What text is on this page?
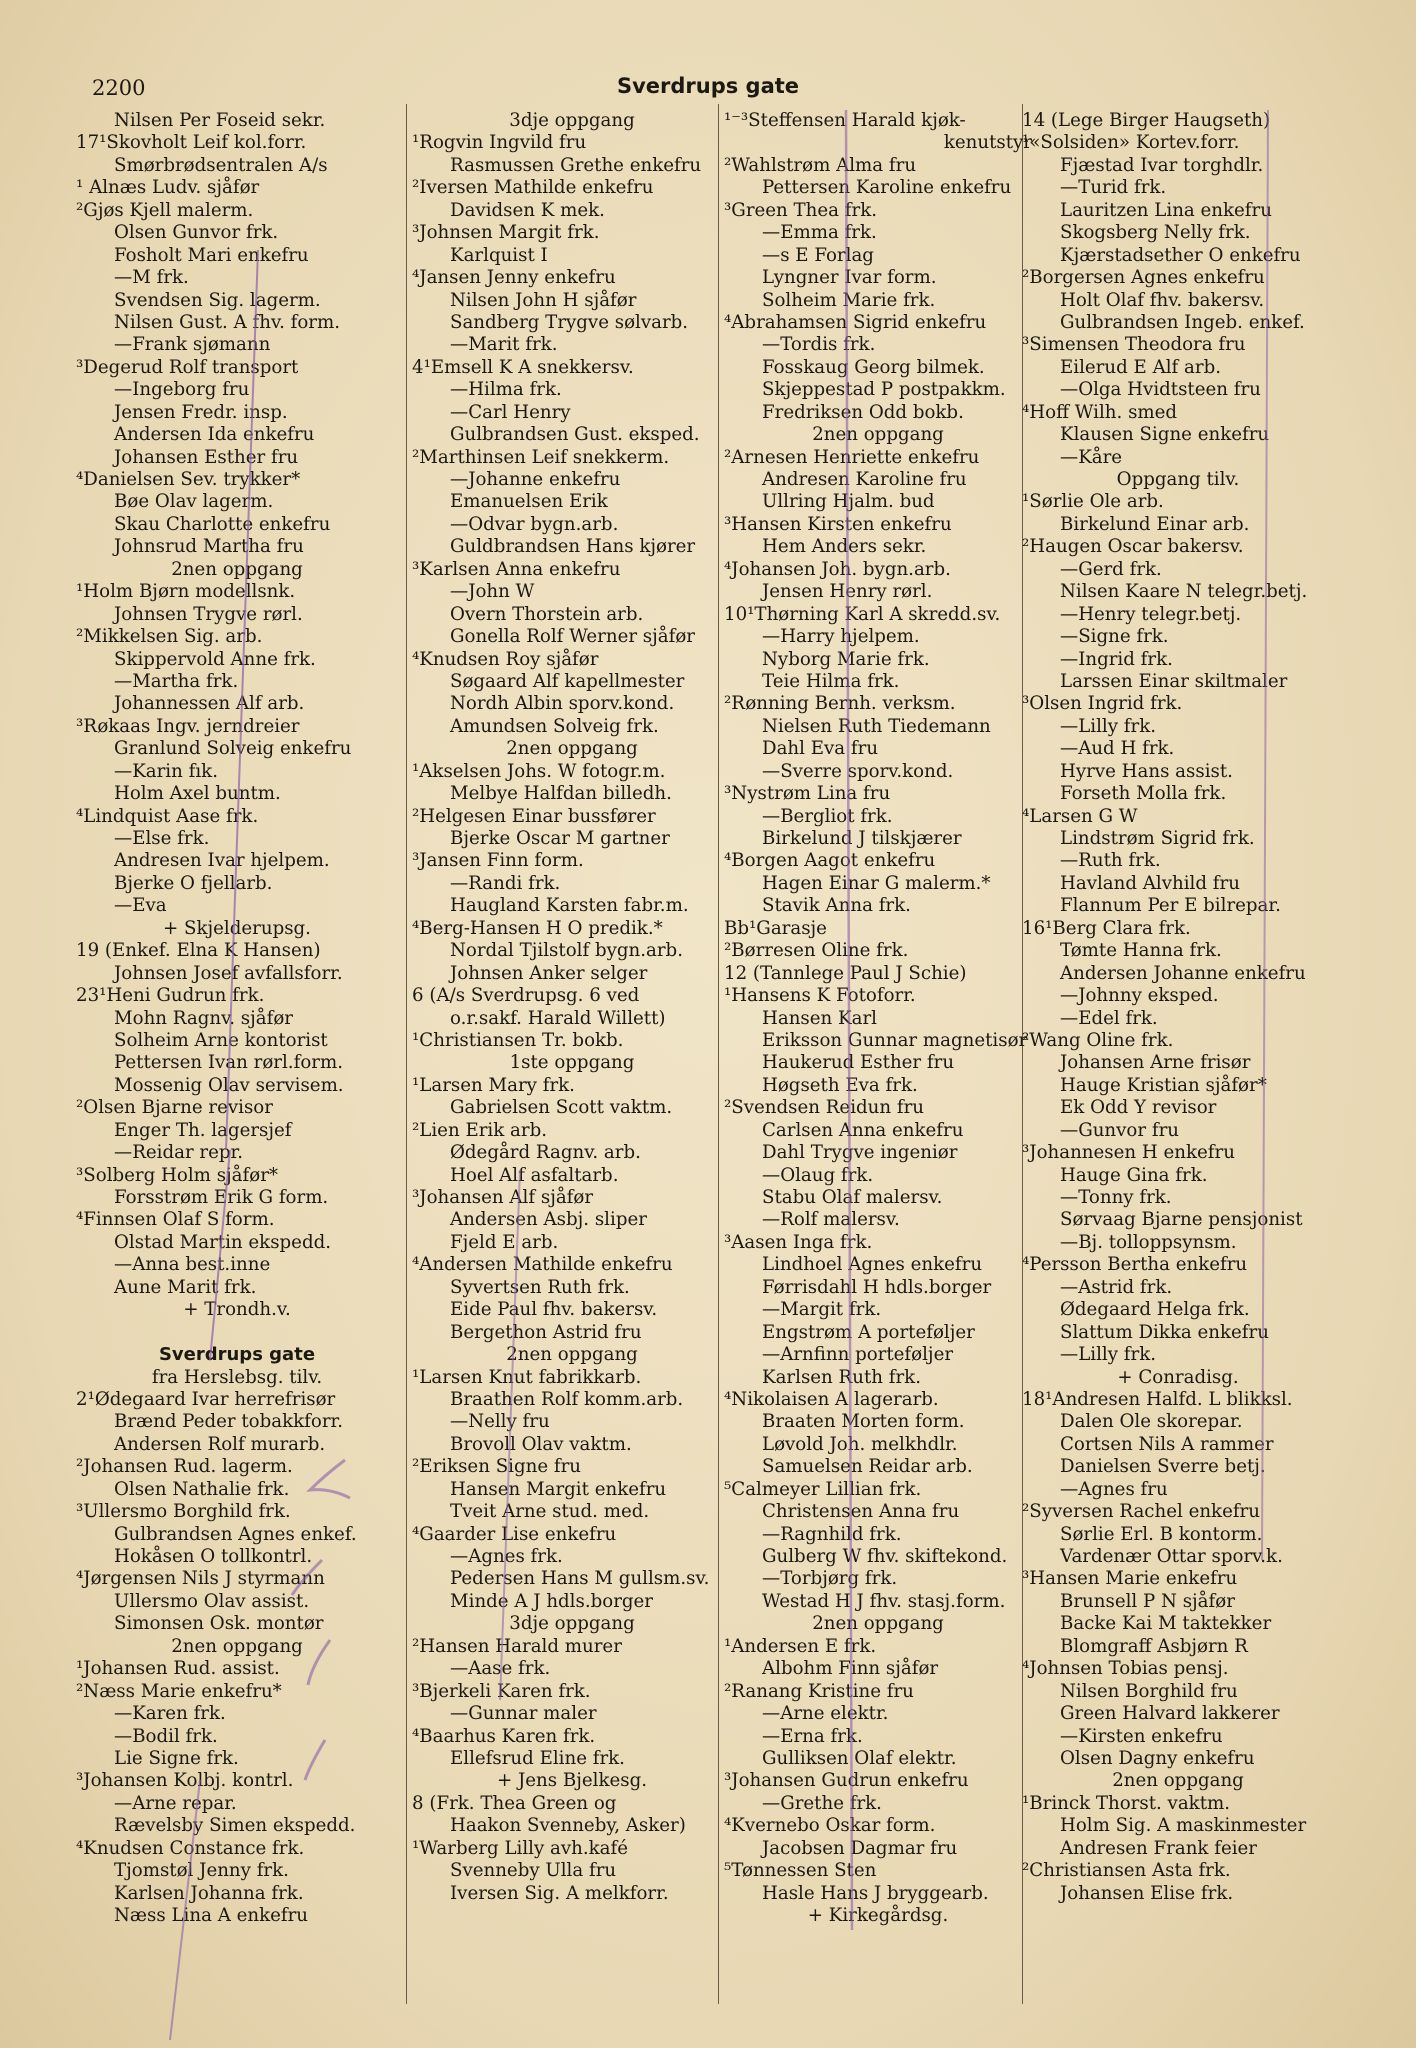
2200	Sverdrups gate
Nilsen Per Foseid sekr.
17¹Skovholt Leif kol.forr.
Smørbrødsentralen A/s
¹ Alnæs Ludv. sjåfør
²Gjøs Kjell malerm.
Olsen Gunvor frk.
Fosholt Mari enkefru
—M frk.
Svendsen Sig. lagerm.
Nilsen Gust. A fhv. form.
—Frank sjømann
³Degerud Rolf transport
—Ingeborg fru
Jensen Fredr. insp.
Andersen Ida enkefru
Johansen Esther fru
⁴Danielsen Sev. trykker*
Bøe Olav lagerm.
Skau Charlotte enkefru
Johnsrud Martha fru
2nen oppgang
¹Holm Bjørn modellsnk.
Johnsen Trygve rørl.
²Mikkelsen Sig. arb.
Skippervold Anne frk.
—Martha frk.
Johannessen Alf arb.
³Røkaas Ingv. jerndreier
Granlund Solveig enkefru
—Karin fık.
Holm Axel buntm.
⁴Lindquist Aase frk.
—Else frk.
Andresen Ivar hjelpem.
Bjerke O fjellarb.
—Eva
+ Skjelderupsg.
19 (Enkef. Elna K Hansen)
Johnsen Josef avfallsforr.
23¹Heni Gudrun frk.
Mohn Ragnv. sjåfør
Solheim Arne kontorist
Pettersen Ivan rørl.form.
Mossenig Olav servisem.
²Olsen Bjarne revisor
Enger Th. lagersjef
—Reidar repr.
³Solberg Holm sjåfør*
Forsstrøm Erik G form.
⁴Finnsen Olaf S form.
Olstad Martin ekspedd.
—Anna best.inne
Aune Marit frk.
+ Trondh.v.
Sverdrups gate
fra Herslebsg. tilv.
2¹Ødegaard Ivar herrefrisør
Brænd Peder tobakkforr.
Andersen Rolf murarb.
²Johansen Rud. lagerm.
Olsen Nathalie frk.
³Ullersmo Borghild frk.
Gulbrandsen Agnes enkef.
Hokåsen O tollkontrl.
⁴Jørgensen Nils J styrmann
Ullersmo Olav assist.
Simonsen Osk. montør
2nen oppgang
¹Johansen Rud. assist.
²Næss Marie enkefru*
—Karen frk.
—Bodil frk.
Lie Signe frk.
³Johansen Kolbj. kontrl.
—Arne repar.
Rævelsby Simen ekspedd.
⁴Knudsen Constance frk.
Tjomstøl Jenny frk.
Karlsen Johanna frk.
Næss Lina A enkefru
3dje oppgang
¹Rogvin Ingvild fru
Rasmussen Grethe enkefru
²Iversen Mathilde enkefru
Davidsen K mek.
³Johnsen Margit frk.
Karlquist I
⁴Jansen Jenny enkefru
Nilsen John H sjåfør
Sandberg Trygve sølvarb.
—Marit frk.
4¹Emsell K A snekkersv.
—Hilma frk.
—Carl Henry
Gulbrandsen Gust. eksped.
²Marthinsen Leif snekkerm.
—Johanne enkefru
Emanuelsen Erik
—Odvar bygn.arb.
Guldbrandsen Hans kjører
³Karlsen Anna enkefru
—John W
Overn Thorstein arb.
Gonella Rolf Werner sjåfør
⁴Knudsen Roy sjåfør
Søgaard Alf kapellmester
Nordh Albin sporv.kond.
Amundsen Solveig frk.
2nen oppgang
¹Akselsen Johs. W fotogr.m.
Melbye Halfdan billedh.
²Helgesen Einar bussfører
Bjerke Oscar M gartner
³Jansen Finn form.
—Randi frk.
Haugland Karsten fabr.m.
⁴Berg-Hansen H O predik.*
Nordal Tjilstolf bygn.arb.
Johnsen Anker selger
6 (A/s Sverdrupsg. 6 ved
o.r.sakf. Harald Willett)
¹Christiansen Tr. bokb.
1ste oppgang
¹Larsen Mary frk.
Gabrielsen Scott vaktm.
²Lien Erik arb.
Ødegård Ragnv. arb.
Hoel Alf asfaltarb.
³Johansen Alf sjåfør
Andersen Asbj. sliper
Fjeld E arb.
⁴Andersen Mathilde enkefru
Syvertsen Ruth frk.
Eide Paul fhv. bakersv.
Bergethon Astrid fru
2nen oppgang
¹Larsen Knut fabrikkarb.
Braathen Rolf komm.arb.
—Nelly fru
Brovoll Olav vaktm.
²Eriksen Signe fru
Hansen Margit enkefru
Tveit Arne stud. med.
⁴Gaarder Lise enkefru
—Agnes frk.
Pedersen Hans M gullsm.sv.
Minde A J hdls.borger
3dje oppgang
²Hansen Harald murer
—Aase frk.
³Bjerkeli Karen frk.
—Gunnar maler
⁴Baarhus Karen frk.
Ellefsrud Eline frk.
+ Jens Bjelkesg.
8 (Frk. Thea Green og
Haakon Svenneby, Asker)
¹Warberg Lilly avh.kafé
Svenneby Ulla fru
Iversen Sig. A melkforr.
¹⁻³Steffensen Harald kjøk-
kenutstyr
²Wahlstrøm Alma fru
Pettersen Karoline enkefru
³Green Thea frk.
—Emma frk.
—s E Forlag
Lyngner Ivar form.
Solheim Marie frk.
⁴Abrahamsen Sigrid enkefru
—Tordis frk.
Fosskaug Georg bilmek.
Skjeppestad P postpakkm.
Fredriksen Odd bokb.
2nen oppgang
²Arnesen Henriette enkefru
Andresen Karoline fru
Ullring Hjalm. bud
³Hansen Kirsten enkefru
Hem Anders sekr.
⁴Johansen Joh. bygn.arb.
Jensen Henry rørl.
10¹Thørning Karl A skredd.sv.
—Harry hjelpem.
Nyborg Marie frk.
Teie Hilma frk.
²Rønning Bernh. verksm.
Nielsen Ruth Tiedemann
Dahl Eva fru
—Sverre sporv.kond.
³Nystrøm Lina fru
—Bergliot frk.
Birkelund J tilskjærer
⁴Borgen Aagot enkefru
Hagen Einar G malerm.*
Stavik Anna frk.
Bb¹Garasje
²Børresen Oline frk.
12 (Tannlege Paul J Schie)
¹Hansens K Fotoforr.
Hansen Karl
Eriksson Gunnar magnetisør
Haukerud Esther fru
Høgseth Eva frk.
²Svendsen Reidun fru
Carlsen Anna enkefru
Dahl Trygve ingeniør
—Olaug frk.
Stabu Olaf malersv.
—Rolf malersv.
³Aasen Inga frk.
Lindhoel Agnes enkefru
Førrisdahl H hdls.borger
—Margit frk.
Engstrøm A porteføljer
—Arnfinn porteføljer
Karlsen Ruth frk.
⁴Nikolaisen A lagerarb.
Braaten Morten form.
Løvold Joh. melkhdlr.
Samuelsen Reidar arb.
⁵Calmeyer Lillian frk.
Christensen Anna fru
—Ragnhild frk.
Gulberg W fhv. skiftekond.
—Torbjørg frk.
Westad H J fhv. stasj.form.
2nen oppgang
¹Andersen E frk.
Albohm Finn sjåfør
²Ranang Kristine fru
—Arne elektr.
—Erna frk.
Gulliksen Olaf elektr.
³Johansen Gudrun enkefru
—Grethe frk.
⁴Kvernebo Oskar form.
Jacobsen Dagmar fru
⁵Tønnessen Sten
Hasle Hans J bryggearb.
+ Kirkegårdsg.
14 (Lege Birger Haugseth)
¹«Solsiden» Kortev.forr.
Fjæstad Ivar torghdlr.
—Turid frk.
Lauritzen Lina enkefru
Skogsberg Nelly frk.
Kjærstadsether O enkefru
²Borgersen Agnes enkefru
Holt Olaf fhv. bakersv.
Gulbrandsen Ingeb. enkef.
³Simensen Theodora fru
Eilerud E Alf arb.
—Olga Hvidtsteen fru
⁴Hoff Wilh. smed
Klausen Signe enkefru
—Kåre
Oppgang tilv.
¹Sørlie Ole arb.
Birkelund Einar arb.
²Haugen Oscar bakersv.
—Gerd frk.
Nilsen Kaare N telegr.betj.
—Henry telegr.betj.
—Signe frk.
—Ingrid frk.
Larssen Einar skiltmaler
³Olsen Ingrid frk.
—Lilly frk.
—Aud H frk.
Hyrve Hans assist.
Forseth Molla frk.
⁴Larsen G W
Lindstrøm Sigrid frk.
—Ruth frk.
Havland Alvhild fru
Flannum Per E bilrepar.
16¹Berg Clara frk.
Tømte Hanna frk.
Andersen Johanne enkefru
—Johnny eksped.
—Edel frk.
²Wang Oline frk.
Johansen Arne frisør
Hauge Kristian sjåfør*
Ek Odd Y revisor
—Gunvor fru
³Johannesen H enkefru
Hauge Gina frk.
—Tonny frk.
Sørvaag Bjarne pensjonist
—Bj. tolloppsynsm.
⁴Persson Bertha enkefru
—Astrid frk.
Ødegaard Helga frk.
Slattum Dikka enkefru
—Lilly frk.
+ Conradisg.
18¹Andresen Halfd. L blikksl.
Dalen Ole skorepar.
Cortsen Nils A rammer
Danielsen Sverre betj.
—Agnes fru
²Syversen Rachel enkefru
Sørlie Erl. B kontorm.
Vardenær Ottar sporv.k.
³Hansen Marie enkefru
Brunsell P N sjåfør
Backe Kai M taktekker
Blomgraff Asbjørn R
⁴Johnsen Tobias pensj.
Nilsen Borghild fru
Green Halvard lakkerer
—Kirsten enkefru
Olsen Dagny enkefru
2nen oppgang
¹Brinck Thorst. vaktm.
Holm Sig. A maskinmester
Andresen Frank feier
²Christiansen Asta frk.
Johansen Elise frk.
